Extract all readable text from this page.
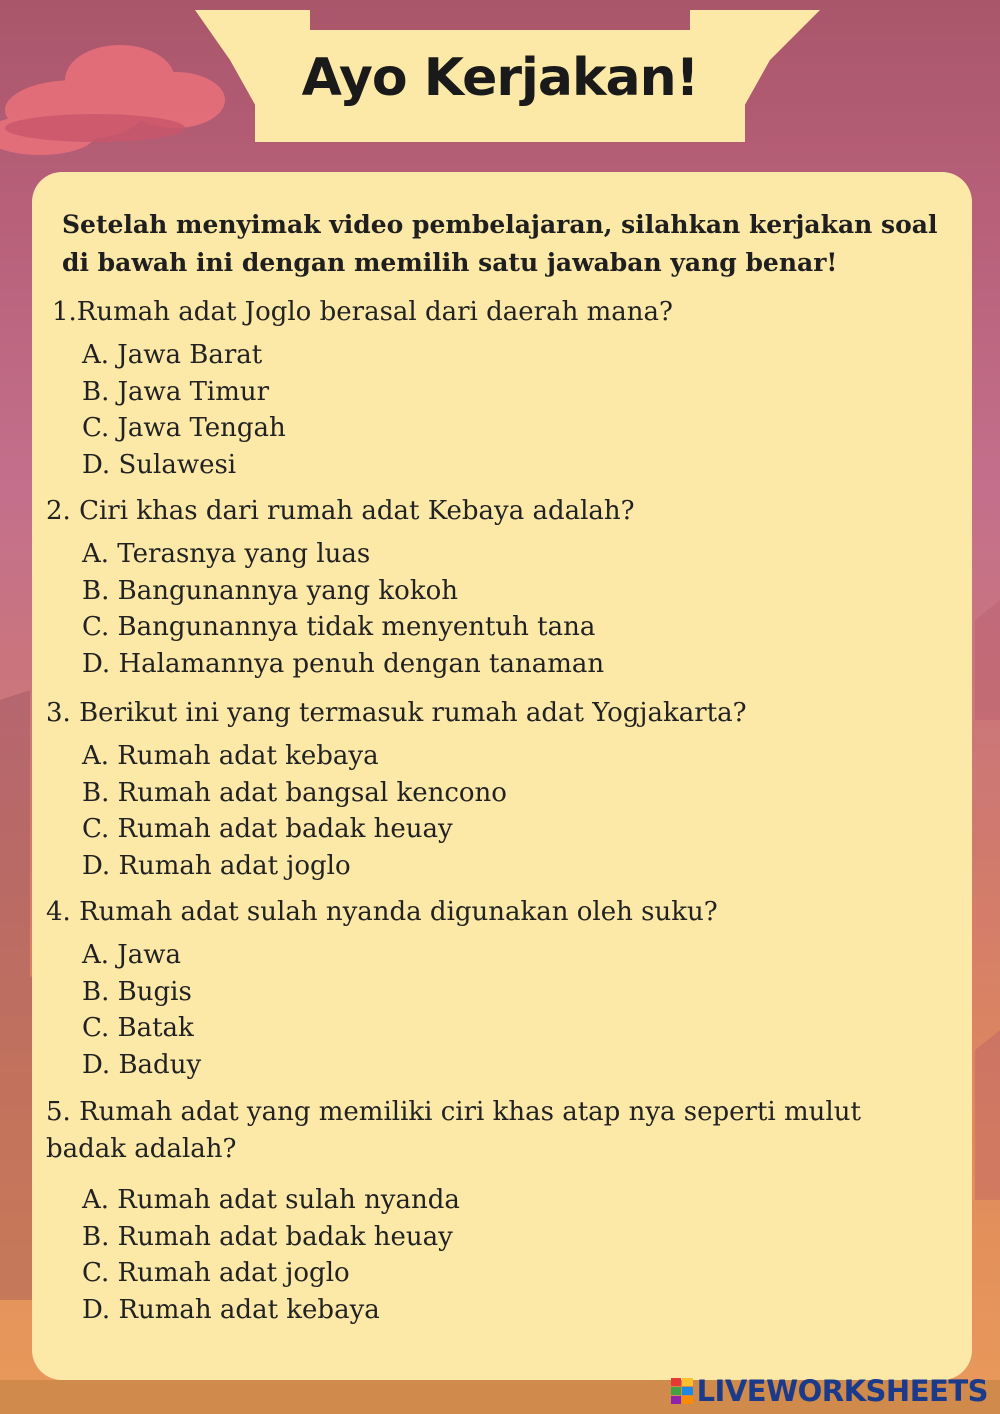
Ayo Kerjakan!

Setelah menyimak video pembelajaran, silahkan kerjakan soal di bawah ini dengan memilih satu jawaban yang benar!

1.Rumah adat Joglo berasal dari daerah mana?

A. Jawa Barat
B. Jawa Timur
C. Jawa Tengah
D. Sulawesi

2. Ciri khas dari rumah adat Kebaya adalah?

A. Terasnya yang luas
B. Bangunannya yang kokoh
C. Bangunannya tidak menyentuh tana
D. Halamannya penuh dengan tanaman

3. Berikut ini yang termasuk rumah adat Yogjakarta?

A. Rumah adat kebaya
B. Rumah adat bangsal kencono
C. Rumah adat badak heuay
D. Rumah adat joglo

4. Rumah adat sulah nyanda digunakan oleh suku?

A. Jawa
B. Bugis
C. Batak
D. Baduy

5. Rumah adat yang memiliki ciri khas atap nya seperti mulut badak adalah?

A. Rumah adat sulah nyanda
B. Rumah adat badak heuay
C. Rumah adat joglo
D. Rumah adat kebaya
LIVEWORKSHEETS
